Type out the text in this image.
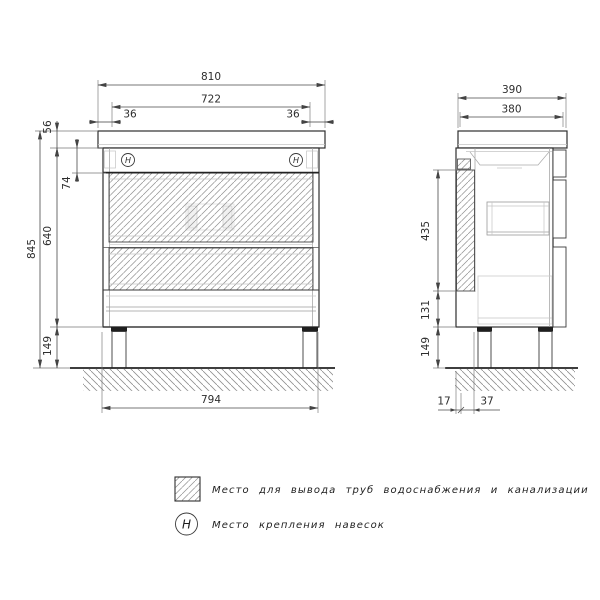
H	H
810
722
36	36
56
845
640
149
74
794
390
380
435
131
149
17	37
Место для вывода труб водоснабжения и канализации
H Место крепления навесок
